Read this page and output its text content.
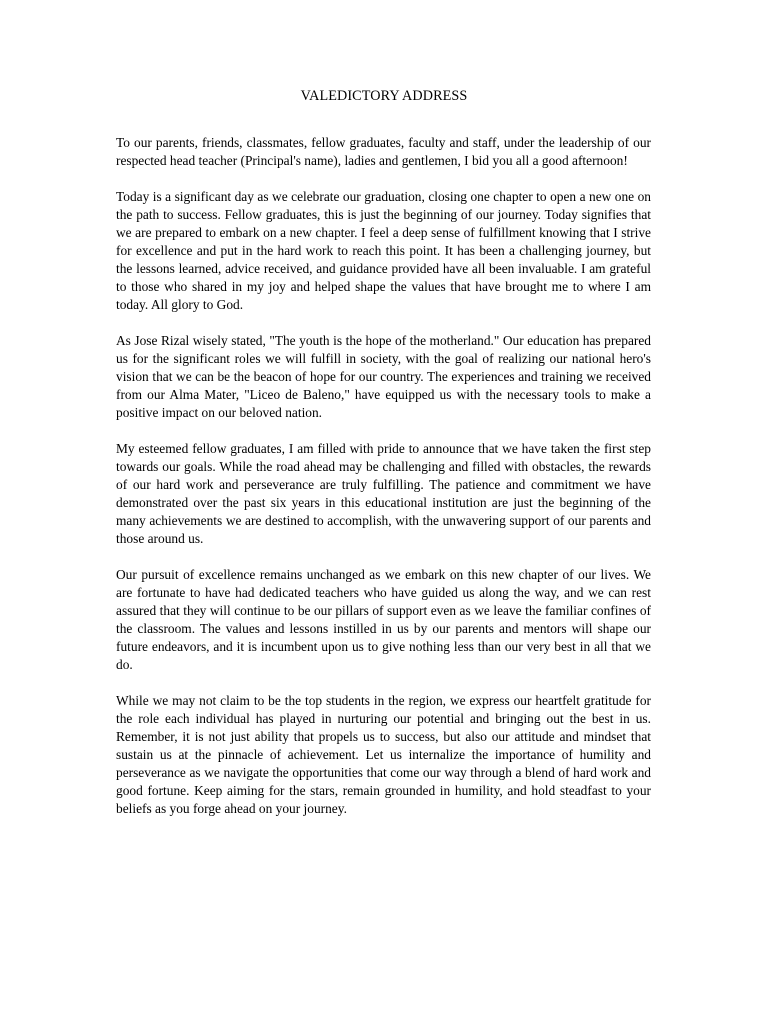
VALEDICTORY ADDRESS

To our parents, friends, classmates, fellow graduates, faculty and staff, under the leadership of our respected head teacher (Principal's name), ladies and gentlemen, I bid you all a good afternoon!

Today is a significant day as we celebrate our graduation, closing one chapter to open a new one on the path to success. Fellow graduates, this is just the beginning of our journey. Today signifies that we are prepared to embark on a new chapter. I feel a deep sense of fulfillment knowing that I strive for excellence and put in the hard work to reach this point. It has been a challenging journey, but the lessons learned, advice received, and guidance provided have all been invaluable. I am grateful to those who shared in my joy and helped shape the values that have brought me to where I am today. All glory to God.

As Jose Rizal wisely stated, "The youth is the hope of the motherland." Our education has prepared us for the significant roles we will fulfill in society, with the goal of realizing our national hero's vision that we can be the beacon of hope for our country. The experiences and training we received from our Alma Mater, "Liceo de Baleno," have equipped us with the necessary tools to make a positive impact on our beloved nation.

My esteemed fellow graduates, I am filled with pride to announce that we have taken the first step towards our goals. While the road ahead may be challenging and filled with obstacles, the rewards of our hard work and perseverance are truly fulfilling. The patience and commitment we have demonstrated over the past six years in this educational institution are just the beginning of the many achievements we are destined to accomplish, with the unwavering support of our parents and those around us.

Our pursuit of excellence remains unchanged as we embark on this new chapter of our lives. We are fortunate to have had dedicated teachers who have guided us along the way, and we can rest assured that they will continue to be our pillars of support even as we leave the familiar confines of the classroom. The values and lessons instilled in us by our parents and mentors will shape our future endeavors, and it is incumbent upon us to give nothing less than our very best in all that we do.

While we may not claim to be the top students in the region, we express our heartfelt gratitude for the role each individual has played in nurturing our potential and bringing out the best in us. Remember, it is not just ability that propels us to success, but also our attitude and mindset that sustain us at the pinnacle of achievement. Let us internalize the importance of humility and perseverance as we navigate the opportunities that come our way through a blend of hard work and good fortune. Keep aiming for the stars, remain grounded in humility, and hold steadfast to your beliefs as you forge ahead on your journey.
